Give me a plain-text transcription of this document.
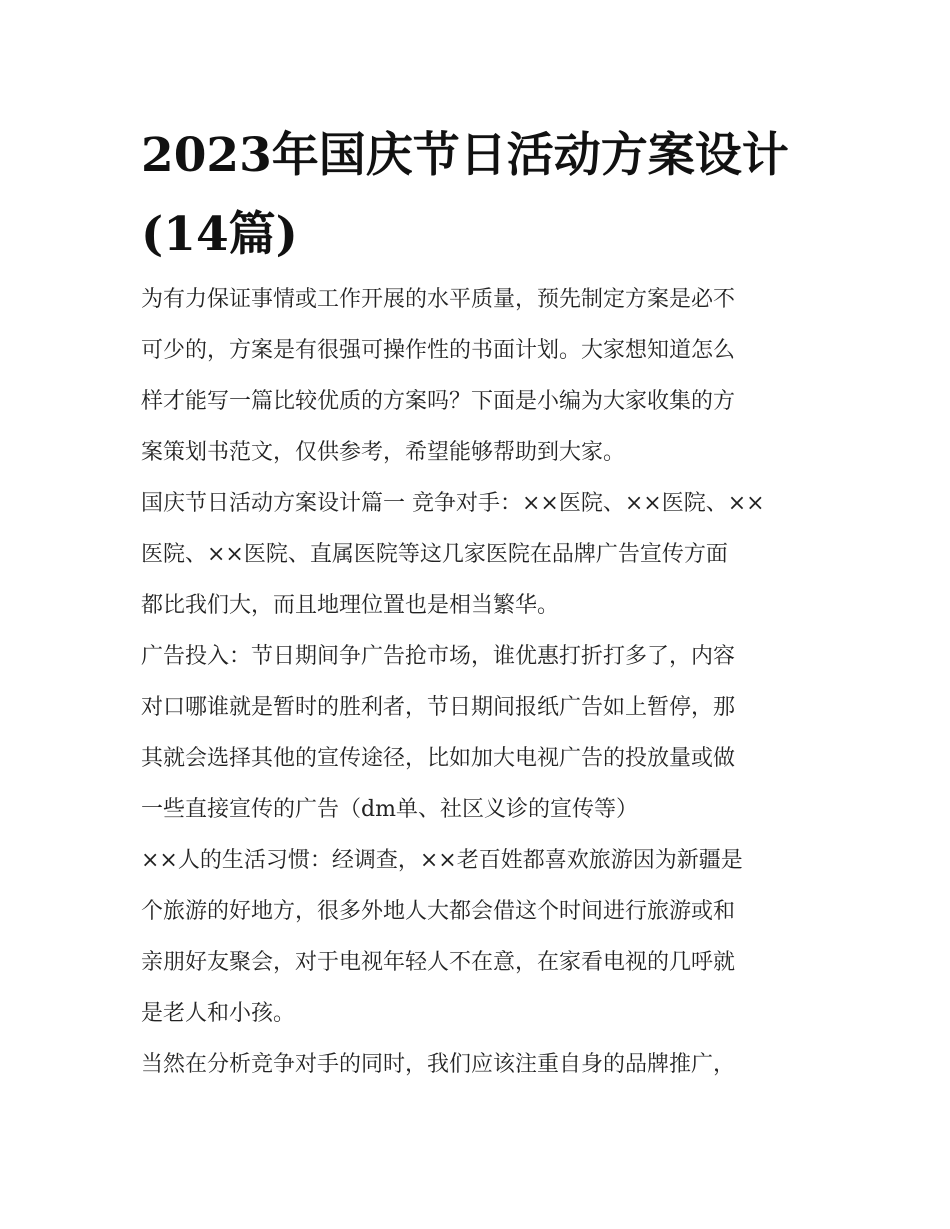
2023年国庆节日活动方案设计
(14篇)
为有力保证事情或工作开展的水平质量，预先制定方案是必不
可少的，方案是有很强可操作性的书面计划。大家想知道怎么
样才能写一篇比较优质的方案吗？下面是小编为大家收集的方
案策划书范文，仅供参考，希望能够帮助到大家。
国庆节日活动方案设计篇一 竞争对手：××医院、××医院、××
医院、××医院、直属医院等这几家医院在品牌广告宣传方面
都比我们大，而且地理位置也是相当繁华。
广告投入：节日期间争广告抢市场，谁优惠打折打多了，内容
对口哪谁就是暂时的胜利者，节日期间报纸广告如上暂停，那
其就会选择其他的宣传途径，比如加大电视广告的投放量或做
一些直接宣传的广告（dm单、社区义诊的宣传等）
××人的生活习惯：经调查，××老百姓都喜欢旅游因为新疆是
个旅游的好地方，很多外地人大都会借这个时间进行旅游或和
亲朋好友聚会，对于电视年轻人不在意，在家看电视的几呼就
是老人和小孩。
当然在分析竞争对手的同时，我们应该注重自身的品牌推广，
